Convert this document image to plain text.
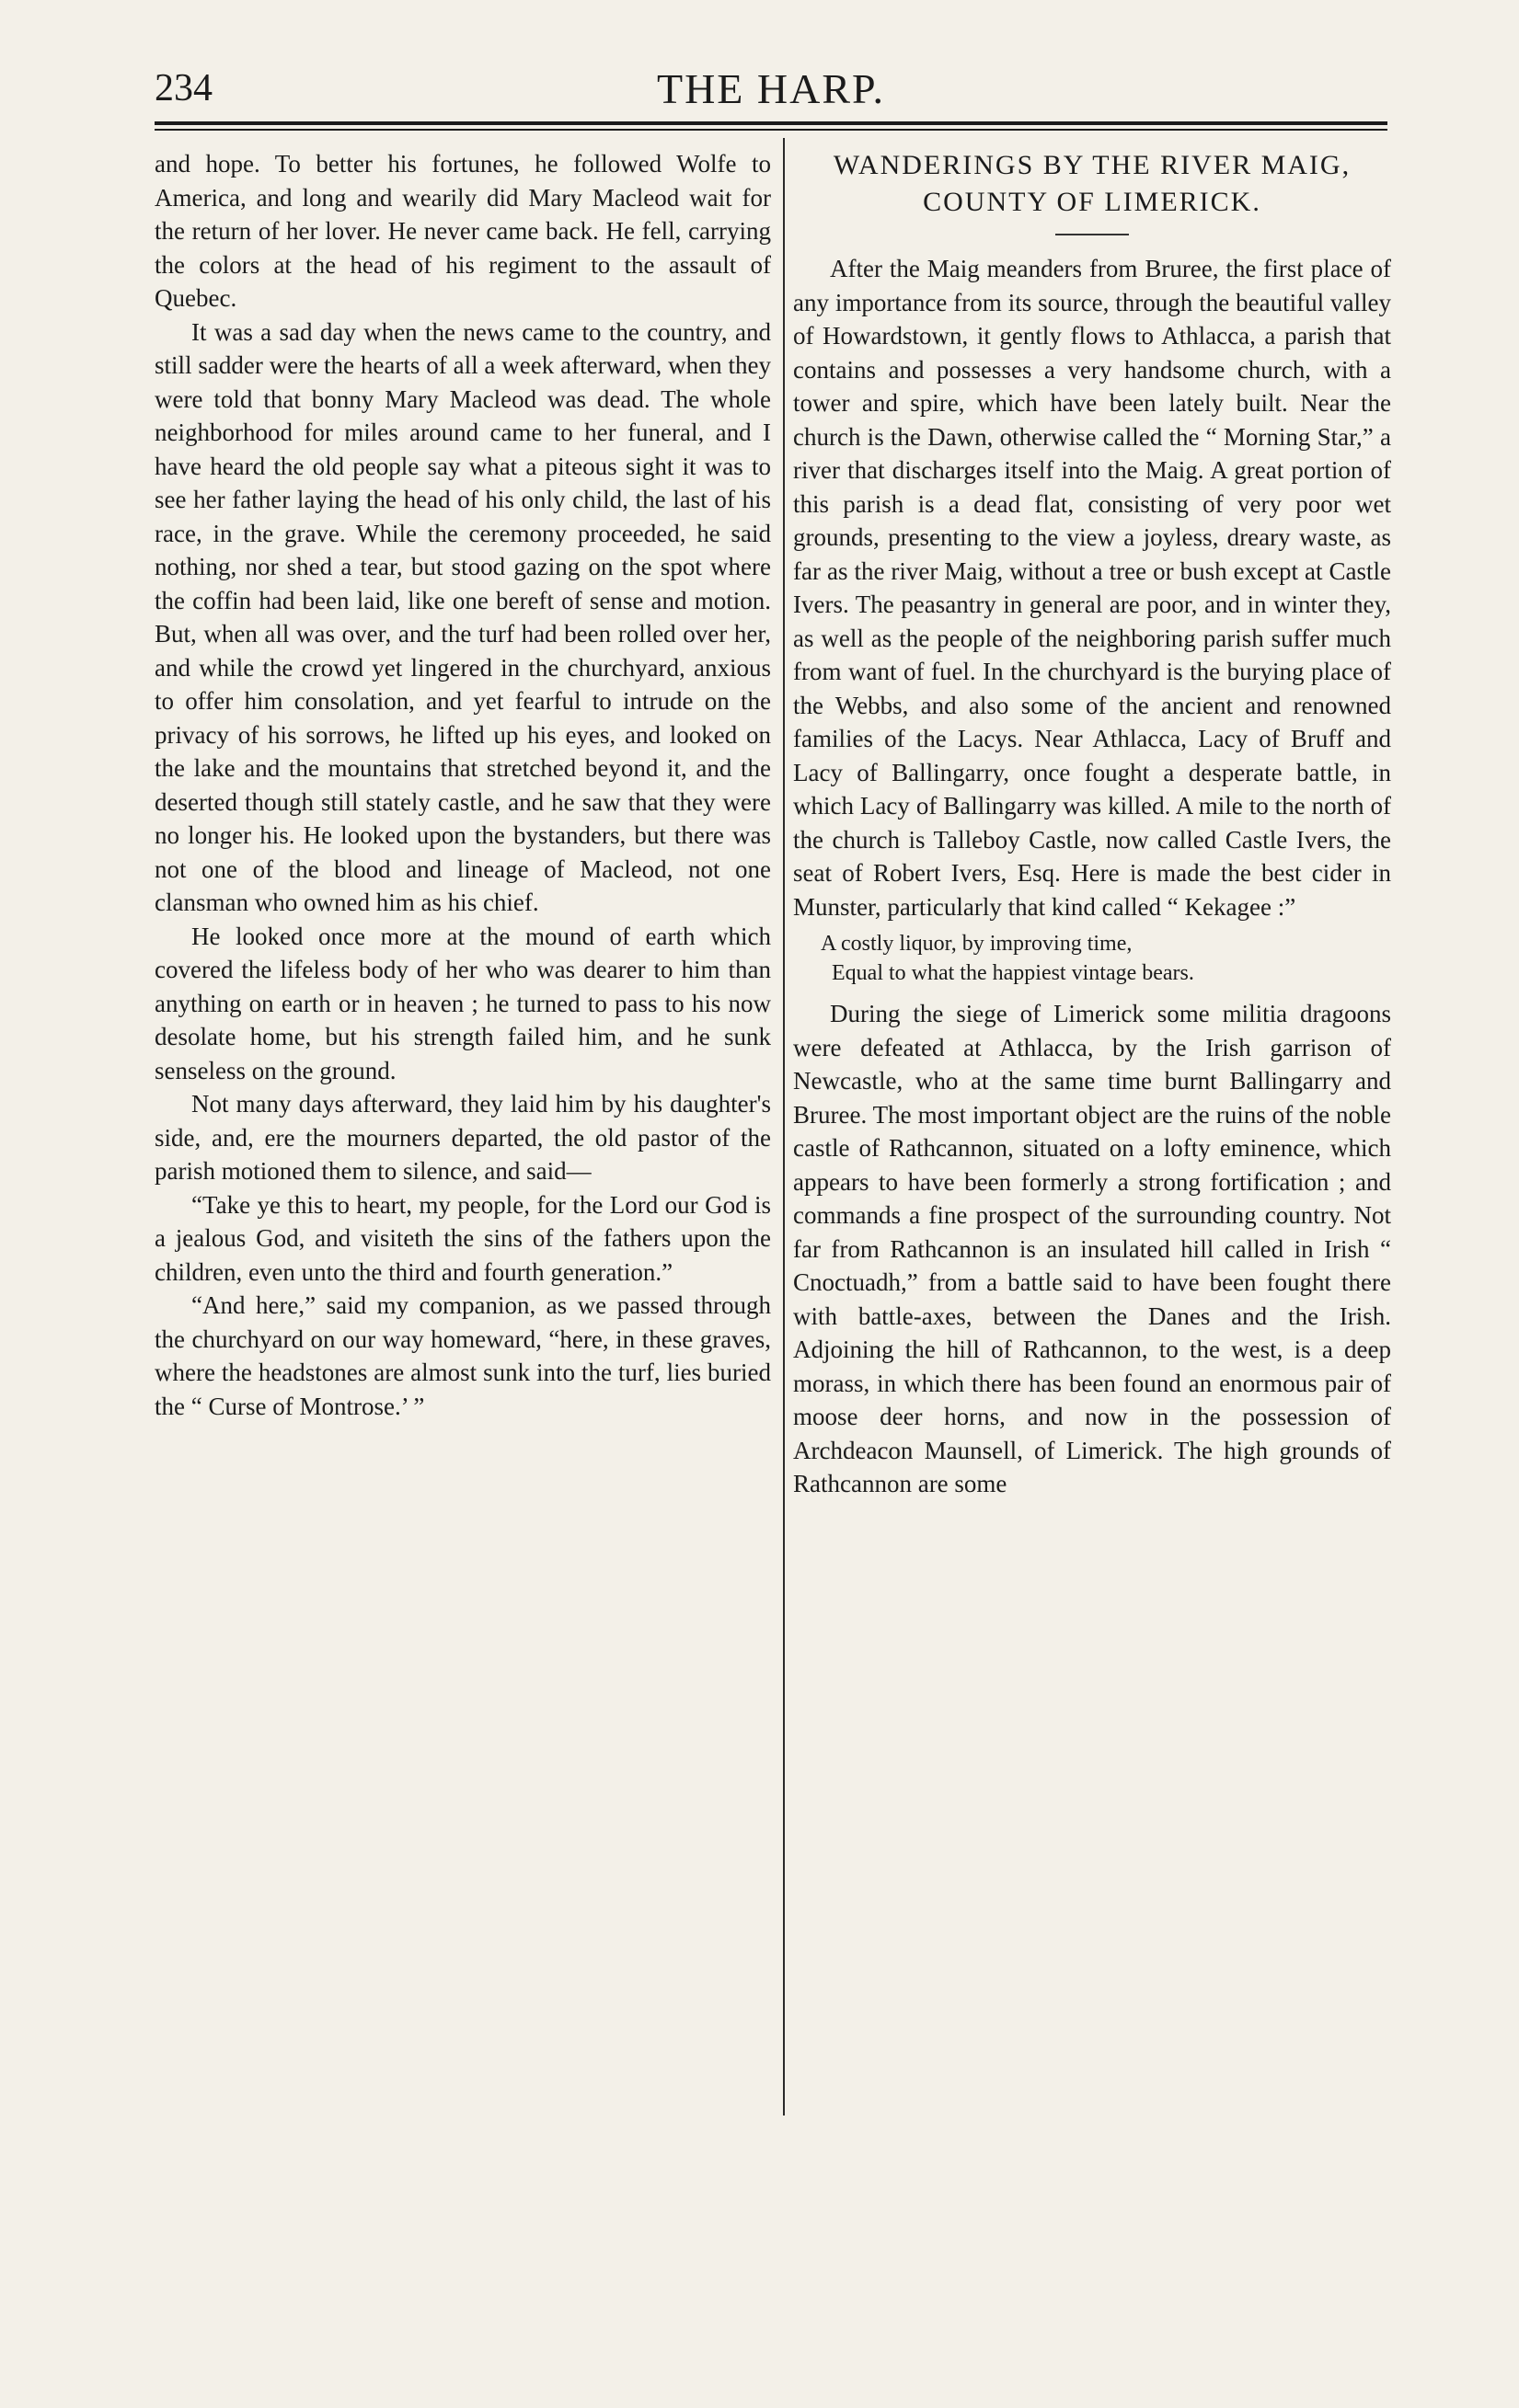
234	THE HARP.

and hope. To better his fortunes, he followed Wolfe to America, and long and wearily did Mary Macleod wait for the return of her lover. He never came back. He fell, carrying the colors at the head of his regiment to the assault of Quebec.

It was a sad day when the news came to the country, and still sadder were the hearts of all a week afterward, when they were told that bonny Mary Macleod was dead. The whole neighborhood for miles around came to her funeral, and I have heard the old people say what a piteous sight it was to see her father laying the head of his only child, the last of his race, in the grave. While the ceremony proceeded, he said nothing, nor shed a tear, but stood gazing on the spot where the coffin had been laid, like one bereft of sense and motion. But, when all was over, and the turf had been rolled over her, and while the crowd yet lingered in the churchyard, anxious to offer him consolation, and yet fearful to intrude on the privacy of his sorrows, he lifted up his eyes, and looked on the lake and the mountains that stretched beyond it, and the deserted though still stately castle, and he saw that they were no longer his. He looked upon the bystanders, but there was not one of the blood and lineage of Macleod, not one clansman who owned him as his chief.

He looked once more at the mound of earth which covered the lifeless body of her who was dearer to him than anything on earth or in heaven ; he turned to pass to his now desolate home, but his strength failed him, and he sunk senseless on the ground.

Not many days afterward, they laid him by his daughter's side, and, ere the mourners departed, the old pastor of the parish motioned them to silence, and said—

“Take ye this to heart, my people, for the Lord our God is a jealous God, and visiteth the sins of the fathers upon the children, even unto the third and fourth generation.”

“And here,” said my companion, as we passed through the churchyard on our way homeward, “here, in these graves, where the headstones are almost sunk into the turf, lies buried the “ Curse of Montrose.’ ”

WANDERINGS BY THE RIVER MAIG, COUNTY OF LIMERICK.

After the Maig meanders from Bruree, the first place of any importance from its source, through the beautiful valley of Howardstown, it gently flows to Athlacca, a parish that contains and possesses a very handsome church, with a tower and spire, which have been lately built. Near the church is the Dawn, otherwise called the “ Morning Star,” a river that discharges itself into the Maig. A great portion of this parish is a dead flat, consisting of very poor wet grounds, presenting to the view a joyless, dreary waste, as far as the river Maig, without a tree or bush except at Castle Ivers. The peasantry in general are poor, and in winter they, as well as the people of the neighboring parish suffer much from want of fuel. In the churchyard is the burying place of the Webbs, and also some of the ancient and renowned families of the Lacys. Near Athlacca, Lacy of Bruff and Lacy of Ballingarry, once fought a desperate battle, in which Lacy of Ballingarry was killed. A mile to the north of the church is Talleboy Castle, now called Castle Ivers, the seat of Robert Ivers, Esq. Here is made the best cider in Munster, particularly that kind called “ Kekagee :”

A costly liquor, by improving time,
Equal to what the happiest vintage bears.

During the siege of Limerick some militia dragoons were defeated at Athlacca, by the Irish garrison of Newcastle, who at the same time burnt Ballingarry and Bruree. The most important object are the ruins of the noble castle of Rathcannon, situated on a lofty eminence, which appears to have been formerly a strong fortification ; and commands a fine prospect of the surrounding country. Not far from Rathcannon is an insulated hill called in Irish “ Cnoctuadh,” from a battle said to have been fought there with battle-axes, between the Danes and the Irish. Adjoining the hill of Rathcannon, to the west, is a deep morass, in which there has been found an enormous pair of moose deer horns, and now in the possession of Archdeacon Maunsell, of Limerick. The high grounds of Rathcannon are some
